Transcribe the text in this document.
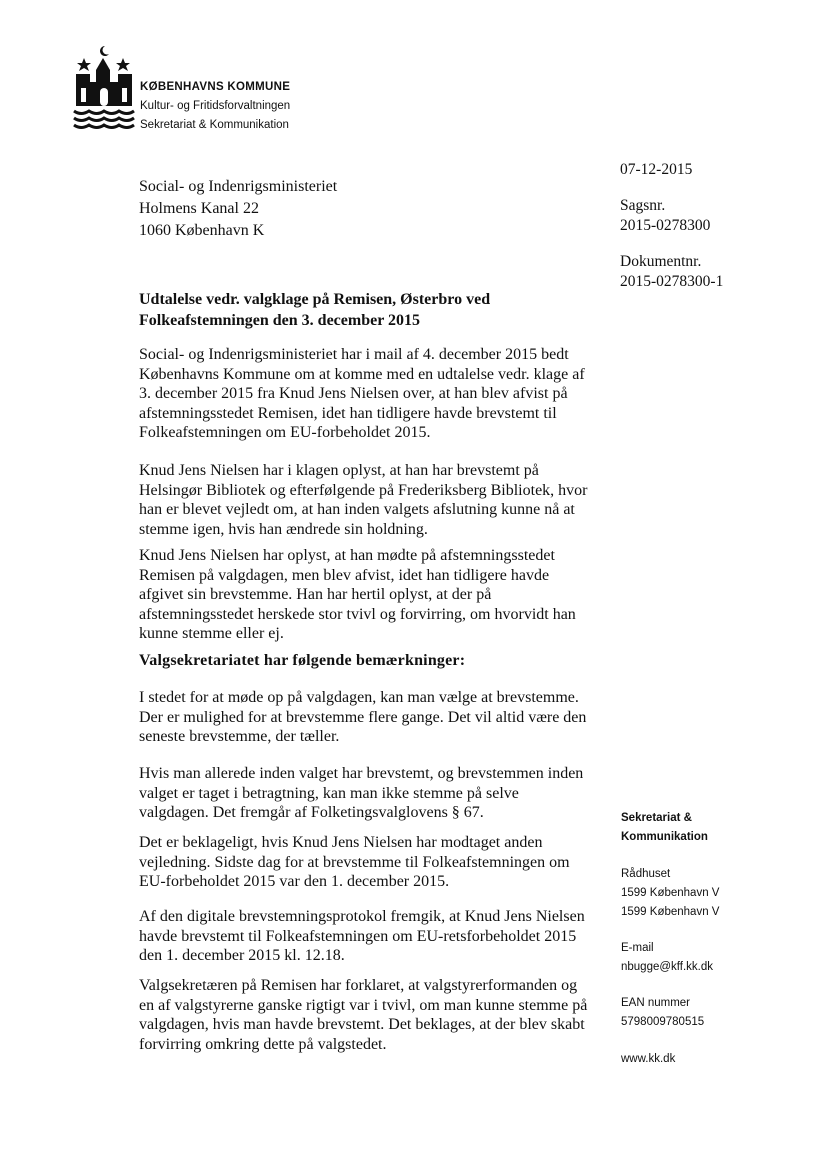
KØBENHAVNS KOMMUNE
Kultur- og Fritidsforvaltningen
Sekretariat & Kommunikation
Social- og Indenrigsministeriet
Holmens Kanal 22
1060 København K
07-12-2015
Sagsnr.
2015-0278300
Dokumentnr.
2015-0278300-1
Udtalelse vedr. valgklage på Remisen, Østerbro ved
Folkeafstemningen den 3. december 2015
Social- og Indenrigsministeriet har i mail af 4. december 2015 bedt
Københavns Kommune om at komme med en udtalelse vedr. klage af
3. december 2015 fra Knud Jens Nielsen over, at han blev afvist på
afstemningsstedet Remisen, idet han tidligere havde brevstemt til
Folkeafstemningen om EU-forbeholdet 2015.
Knud Jens Nielsen har i klagen oplyst, at han har brevstemt på
Helsingør Bibliotek og efterfølgende på Frederiksberg Bibliotek, hvor
han er blevet vejledt om, at han inden valgets afslutning kunne nå at
stemme igen, hvis han ændrede sin holdning.
Knud Jens Nielsen har oplyst, at han mødte på afstemningsstedet
Remisen på valgdagen, men blev afvist, idet han tidligere havde
afgivet sin brevstemme. Han har hertil oplyst, at der på
afstemningsstedet herskede stor tvivl og forvirring, om hvorvidt han
kunne stemme eller ej.
Valgsekretariatet har følgende bemærkninger:
I stedet for at møde op på valgdagen, kan man vælge at brevstemme.
Der er mulighed for at brevstemme flere gange. Det vil altid være den
seneste brevstemme, der tæller.
Hvis man allerede inden valget har brevstemt, og brevstemmen inden
valget er taget i betragtning, kan man ikke stemme på selve
valgdagen. Det fremgår af Folketingsvalglovens § 67.
Det er beklageligt, hvis Knud Jens Nielsen har modtaget anden
vejledning. Sidste dag for at brevstemme til Folkeafstemningen om
EU-forbeholdet 2015 var den 1. december 2015.
Af den digitale brevstemningsprotokol fremgik, at Knud Jens Nielsen
havde brevstemt til Folkeafstemningen om EU-retsforbeholdet 2015
den 1. december 2015 kl. 12.18.
Valgsekretæren på Remisen har forklaret, at valgstyrerformanden og
en af valgstyrerne ganske rigtigt var i tvivl, om man kunne stemme på
valgdagen, hvis man havde brevstemt. Det beklages, at der blev skabt
forvirring omkring dette på valgstedet.
Sekretariat &
Kommunikation
Rådhuset
1599 København V
1599 København V
E-mail
nbugge@kff.kk.dk
EAN nummer
5798009780515
www.kk.dk
